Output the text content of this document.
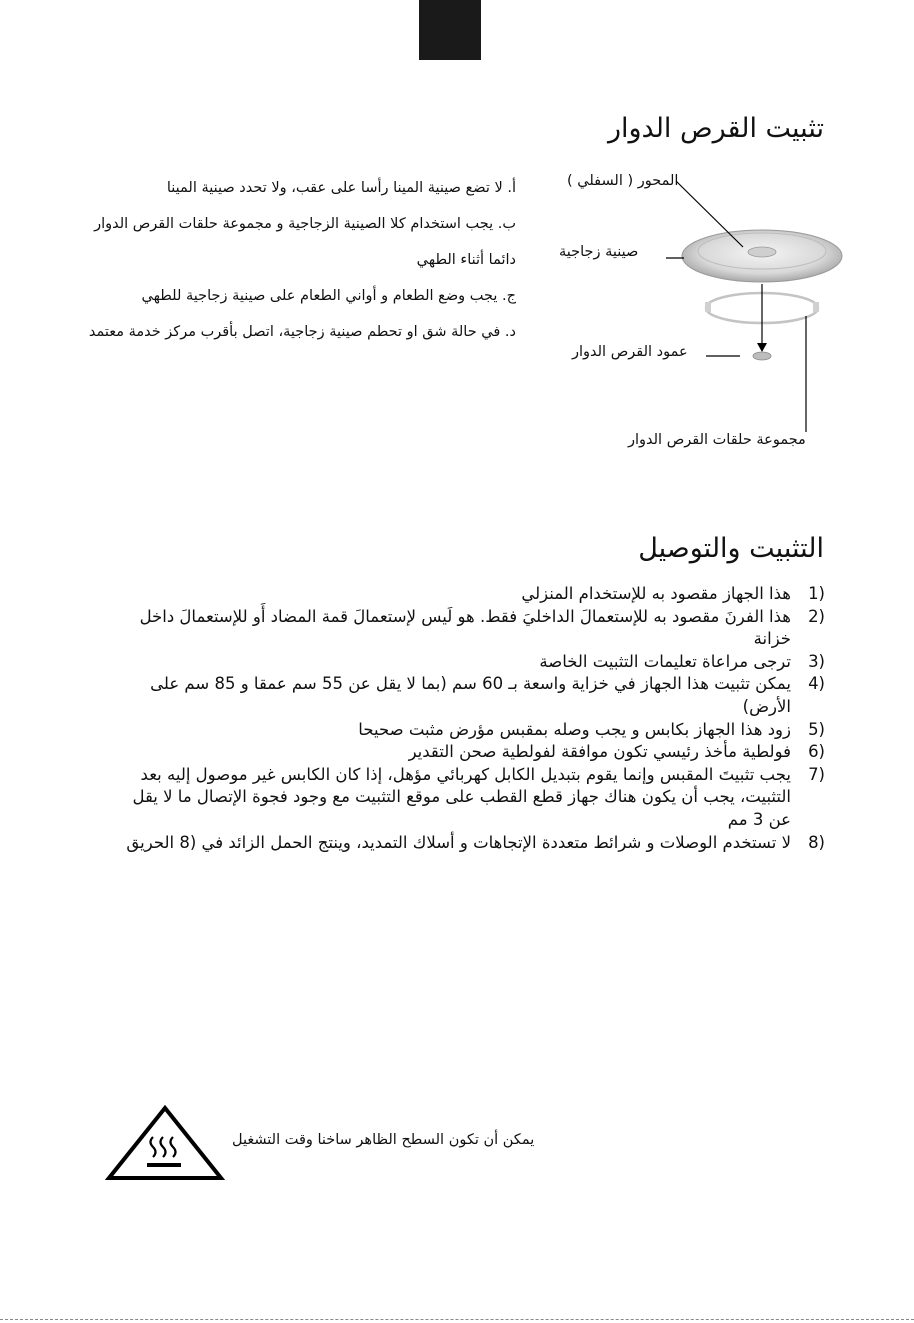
تثبيت القرص الدوار

أ. لا تضع صينية المينا رأسا على عقب، ولا تحدد صينية المينا

ب. يجب استخدام كلا الصينية الزجاجية و مجموعة حلقات القرص الدوار دائما أثناء الطهي

ج. يجب وضع الطعام و أواني الطعام على صينية زجاجية للطهي

د. في حالة شق او تحطم صينية زجاجية، اتصل بأقرب مركز خدمة معتمد

المحور ( السفلي )
صينية زجاجية
عمود القرص الدوار
مجموعة حلقات القرص الدوار
التثبيت والتوصيل
1)
هذا الجهاز مقصود به للإستخدام المنزلي
2)
هذا الفرنَ مقصود به للإستعمالَ الداخليَ فقط. هو لَيس لإستعمالَ قمة المضاد أَو للإستعمالَ داخل خزانة
3)
ترجى مراعاة تعليمات التثبيت الخاصة
4)
يمكن تثبيت هذا الجهاز في خزاية واسعة بـ 60 سم (بما لا يقل عن 55 سم عمقا و 85 سم على الأرض)
5)
زود هذا الجهاز بكابس و يجب وصله بمقبس مؤرض مثبت صحيحا
6)
فولطية مأخذ رئيسي تكون موافقة لفولطية صحن التقدير
7)
يجب تثبيتَ المقبس وإنما يقوم بتبديل الكابل كهربائي مؤهل، إذا كان الكابس غير موصول إليه بعد التثبيت، يجب أن يكون هناك جهاز قطع القطب على موقع التثبيت مع وجود فجوة الإتصال ما لا يقل عن 3 مم
8)
لا تستخدم الوصلات و شرائط متعددة الإتجاهات و أسلاك التمديد، وينتج الحمل الزائد في (8 الحريق
يمكن أن تكون السطح الظاهر ساخنا وقت التشغيل
